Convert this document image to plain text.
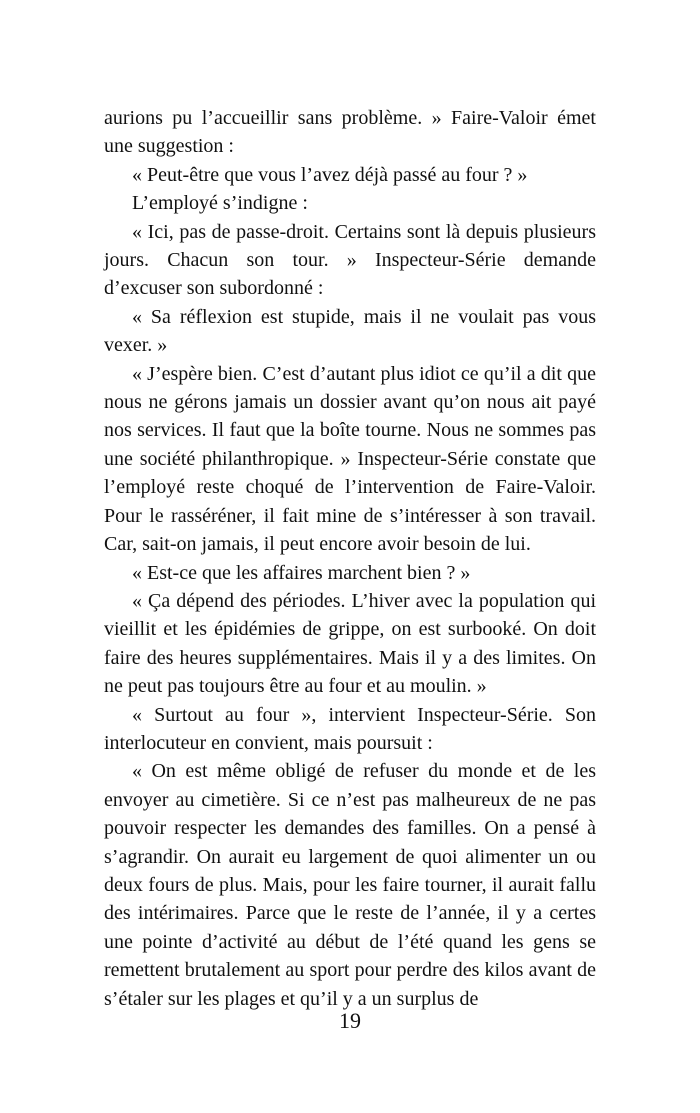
aurions pu l’accueillir sans problème. » Faire-Valoir émet une suggestion :

« Peut-être que vous l’avez déjà passé au four ? »

L’employé s’indigne :

« Ici, pas de passe-droit. Certains sont là depuis plusieurs jours. Chacun son tour. » Inspecteur-Série demande d’excuser son subordonné :

« Sa réflexion est stupide, mais il ne voulait pas vous vexer. »

« J’espère bien. C’est d’autant plus idiot ce qu’il a dit que nous ne gérons jamais un dossier avant qu’on nous ait payé nos services. Il faut que la boîte tourne. Nous ne sommes pas une société philanthropique. » Inspecteur-Série constate que l’employé reste choqué de l’intervention de Faire-Valoir. Pour le rasséréner, il fait mine de s’intéresser à son travail. Car, sait-on jamais, il peut encore avoir besoin de lui.

« Est-ce que les affaires marchent bien ? »

« Ça dépend des périodes. L’hiver avec la population qui vieillit et les épidémies de grippe, on est surbooké. On doit faire des heures supplémentaires. Mais il y a des limites. On ne peut pas toujours être au four et au moulin. »

« Surtout au four », intervient Inspecteur-Série. Son interlocuteur en convient, mais poursuit :

« On est même obligé de refuser du monde et de les envoyer au cimetière. Si ce n’est pas malheureux de ne pas pouvoir respecter les demandes des familles. On a pensé à s’agrandir. On aurait eu largement de quoi alimenter un ou deux fours de plus. Mais, pour les faire tourner, il aurait fallu des intérimaires. Parce que le reste de l’année, il y a certes une pointe d’activité au début de l’été quand les gens se remettent brutalement au sport pour perdre des kilos avant de s’étaler sur les plages et qu’il y a un surplus de

19
